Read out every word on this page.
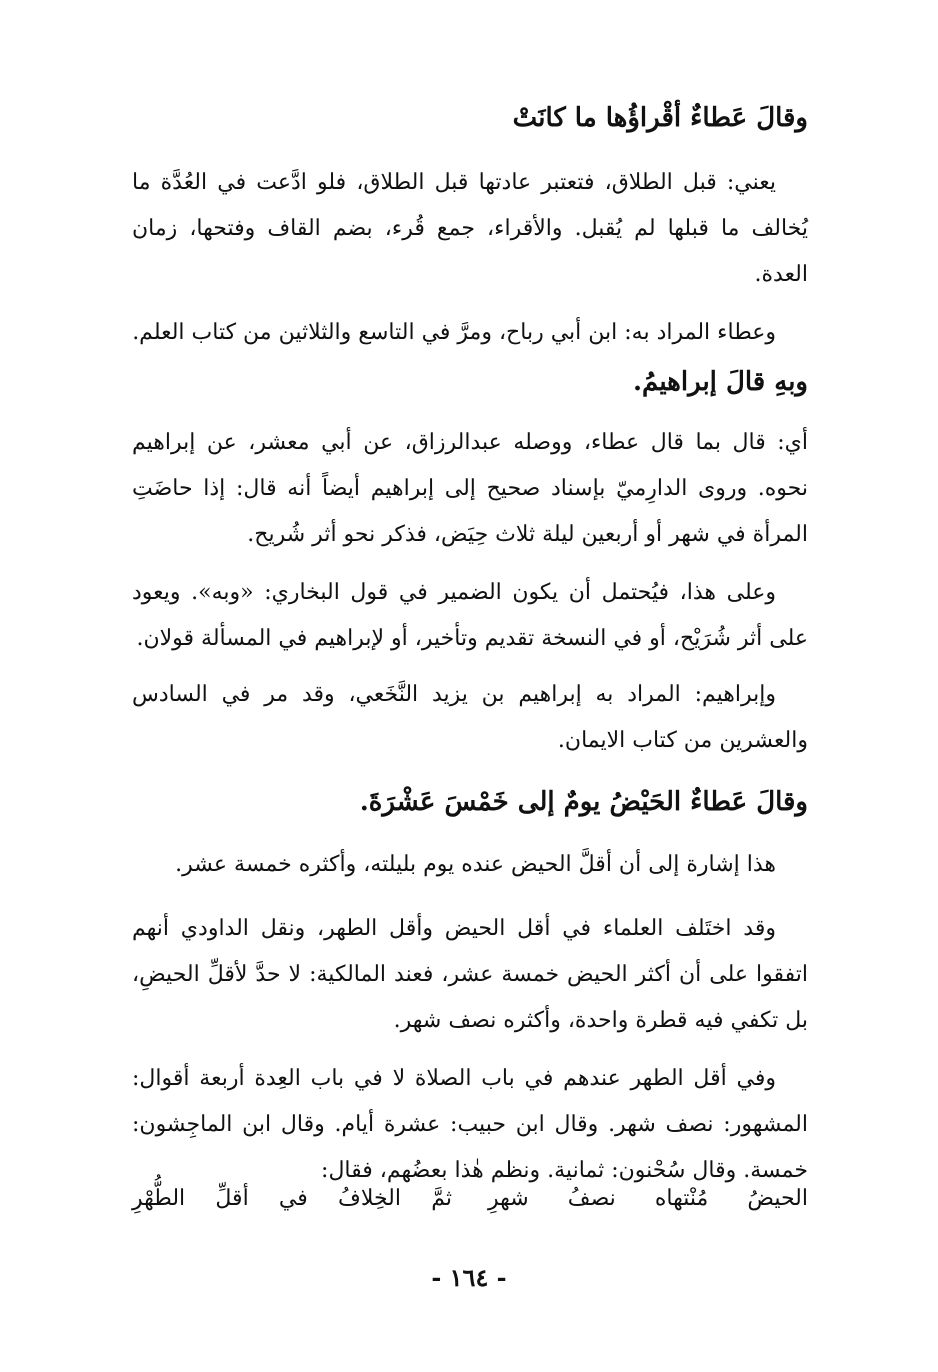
وقالَ عَطاءٌ أقْراؤُها ما كانَتْ

يعني: قبل الطلاق، فتعتبر عادتها قبل الطلاق، فلو ادَّعت في العُدَّة ما يُخالف ما قبلها لم يُقبل. والأقراء، جمع قُرء، بضم القاف وفتحها، زمان العدة.

وعطاء المراد به: ابن أبي رباح، ومرَّ في التاسع والثلاثين من كتاب العلم.

وبهِ قالَ إبراهيمُ.

أي: قال بما قال عطاء، ووصله عبدالرزاق، عن أبي معشر، عن إبراهيم نحوه. وروى الدارِميّ بإسناد صحيح إلى إبراهيم أيضاً أنه قال: إذا حاضَتِ المرأة في شهر أو أربعين ليلة ثلاث حِيَض، فذكر نحو أثر شُريح.

وعلى هذا، فيُحتمل أن يكون الضمير في قول البخاري: «وبه». ويعود على أثر شُرَيْح، أو في النسخة تقديم وتأخير، أو لإبراهيم في المسألة قولان.

وإبراهيم: المراد به إبراهيم بن يزيد النَّخَعي، وقد مر في السادس والعشرين من كتاب الايمان.

وقالَ عَطاءٌ الحَيْضُ يومٌ إلى خَمْسَ عَشْرَةَ.

هذا إشارة إلى أن أقلَّ الحيض عنده يوم بليلته، وأكثره خمسة عشر.

وقد اختَلف العلماء في أقل الحيض وأقل الطهر، ونقل الداودي أنهم اتفقوا على أن أكثر الحيض خمسة عشر، فعند المالكية: لا حدَّ لأقلِّ الحيضِ، بل تكفي فيه قطرة واحدة، وأكثره نصف شهر.

وفي أقل الطهر عندهم في باب الصلاة لا في باب العِدة أربعة أقوال: المشهور: نصف شهر. وقال ابن حبيب: عشرة أيام. وقال ابن الماجِشون: خمسة. وقال سُحْنون: ثمانية. ونظم هٰذا بعضُهم، فقال:

الحيضُ مُنْتهاه نصفُ شهرِ
ثمَّ الخِلافُ في أقلِّ الطُّهْرِ
- ١٦٤ -
